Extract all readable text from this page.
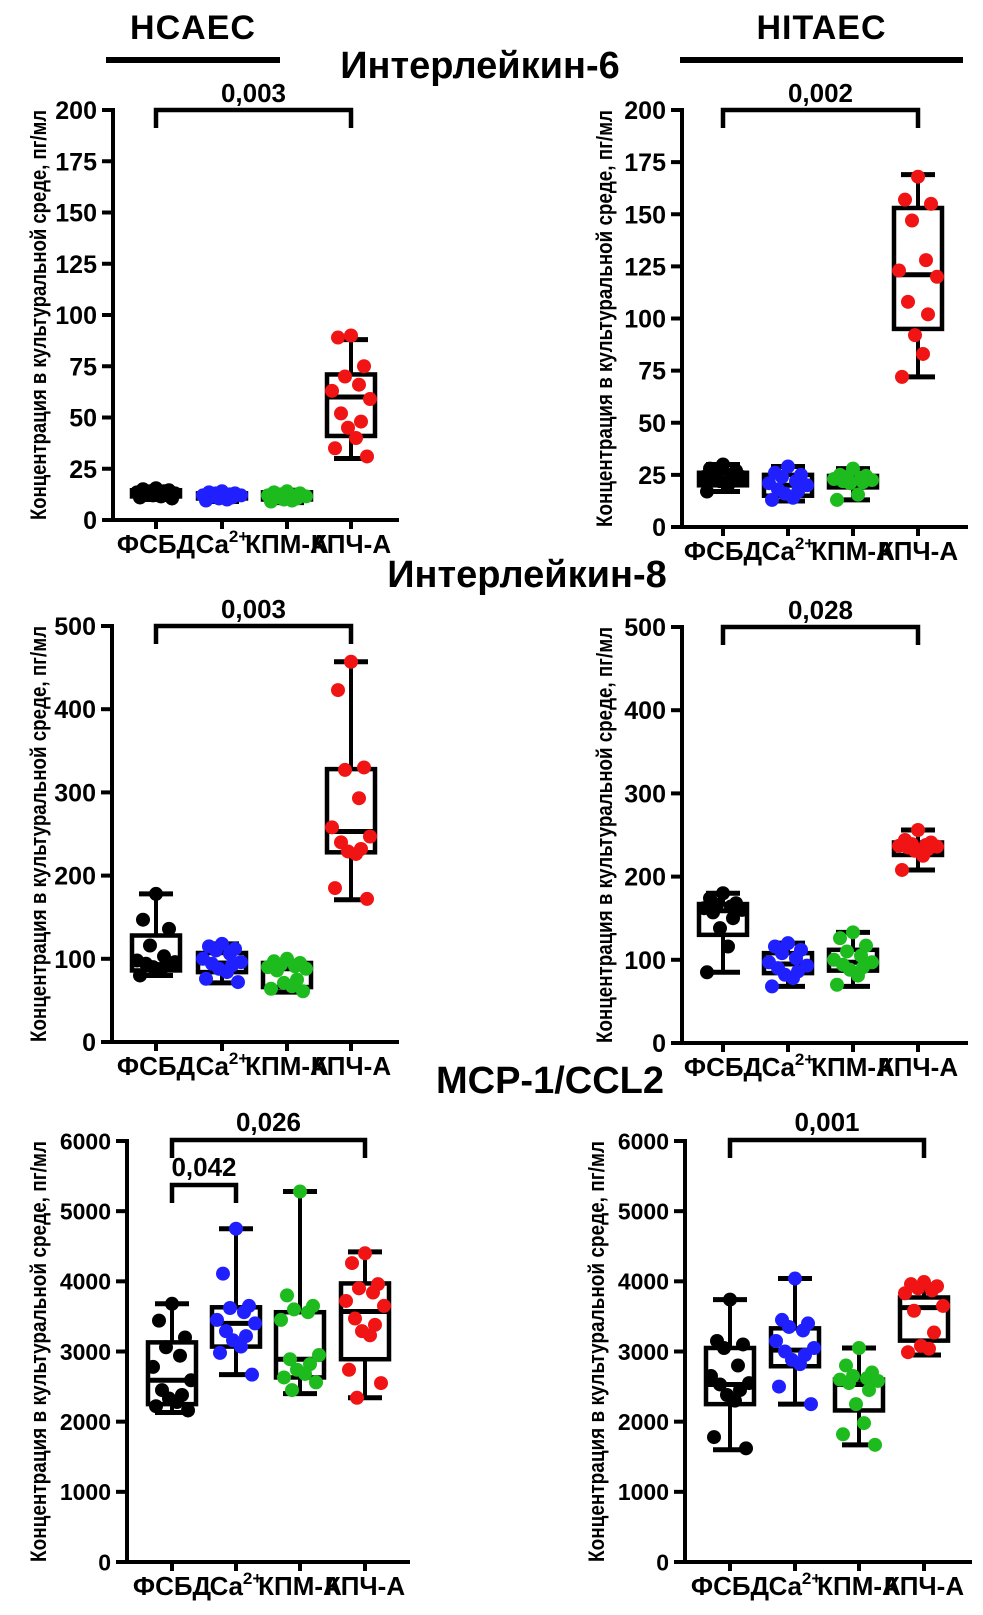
HCAEC	HITAEC
Интерлейкин-6
Интерлейкин-8
MCP-1/CCL2
0
25
50
75
100
125
150
175
200
Концентрация в культуральной среде, пг/мл
ФСБД $Ca^{2+}$
КПМ-А
КПЧ-А
0,003
0
25
50
75
100
125
150
175
200
Концентрация в культуральной среде, пг/мл
ФСБД $Ca^{2+}$
КПМ-А
КПЧ-А
0,002
0
100
200
300
400
500
Концентрация в культуральной среде, пг/мл
ФСБД $Ca^{2+}$
КПМ-А
КПЧ-А
0,003
0
100
200
300
400
500
Концентрация в культуральной среде, пг/мл
ФСБД $Ca^{2+}$
КПМ-А
КПЧ-А
0,028
0
1000
2000
3000
4000
5000
6000
Концентрация в культуральной среде, пг/мл
ФСБД
$Ca^{2+}$
КПМ-А
КПЧ-А
0,026
0,042
0
1000
2000
3000
4000
5000
6000
Концентрация в культуральной среде, пг/мл
ФСБД $Ca^{2+}$
КПМ-А
КПЧ-А
0,001
